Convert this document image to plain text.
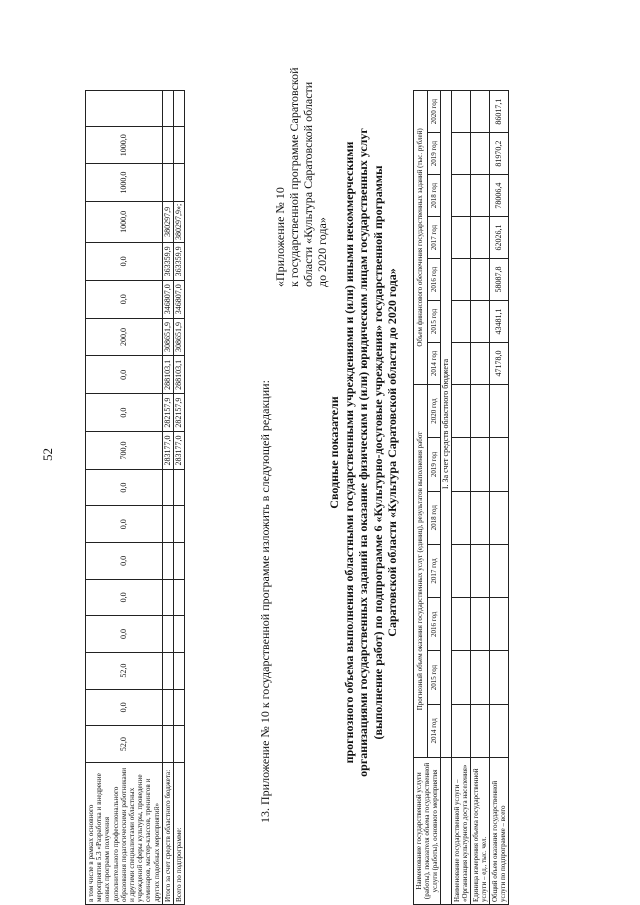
в том числе в рамках основного мероприятия 5.3 «Разработка и внедрение новых программ получения дополнительного профессионального образования педагогическими работниками и другими специалистами областных учреждений сферы культуры, проведение семинаров, мастер-классов, тренингов и других подобных мероприятий»	52,0	0,0	52,0	0,0	0,0	0,0	0,0	0,0	700,0	0,0	0,0	200,0	0,0	0,0	1000,0	1000,0	1000,0	
Итого за счет средств областного бюджета:									283177,0	282157,9	288103,1	308651,9	346807,0	363359,9	380297,9			
Всего по подпрограмме:									283177,0	282157,9	288103,1	308651,9	346807,0	363359,9	380297,9»;			
52	13. Приложение № 10 к государственной программе изложить в следующей редакции:
«Приложение № 10 к государственной программе Саратовской области «Культура Саратовской области до 2020 года»
Сводные показатели прогнозного объема выполнения областными государственными учреждениями и (или) иными некоммерческими организациями государственных заданий на оказание физическим и (или) юридическим лицам государственных услуг (выполнение работ) по подпрограмме 6 «Культурно-досуговые учреждения» государственной программы Саратовской области «Культура Саратовской области до 2020 года»
Наименование государственной услуги (работы), показателя объема государственной услуги (работы), основного мероприятия	Прогнозный объем оказания государственных услуг (единиц), результатов выполнения работ							Объем финансового обеспечения государственных заданий (тыс. рублей)						
	2014 год	2015 год	2016 год	2017 год	2018 год	2019 год	2020 год	2014 год	2015 год	2016 год	2017 год	2018 год	2019 год	2020 год
	I. За счет средств областного бюджета													
Наименование государственной услуги – «Организация культурного досуга населения»														
Единица измерения объема государственной услуги – ед., тыс. чел.														
Общий объем оказания государственной услуги по подпрограмме – всего								47178,0	43481,1	58087,8	62026,1	78006,4	81970,2	86017,1
